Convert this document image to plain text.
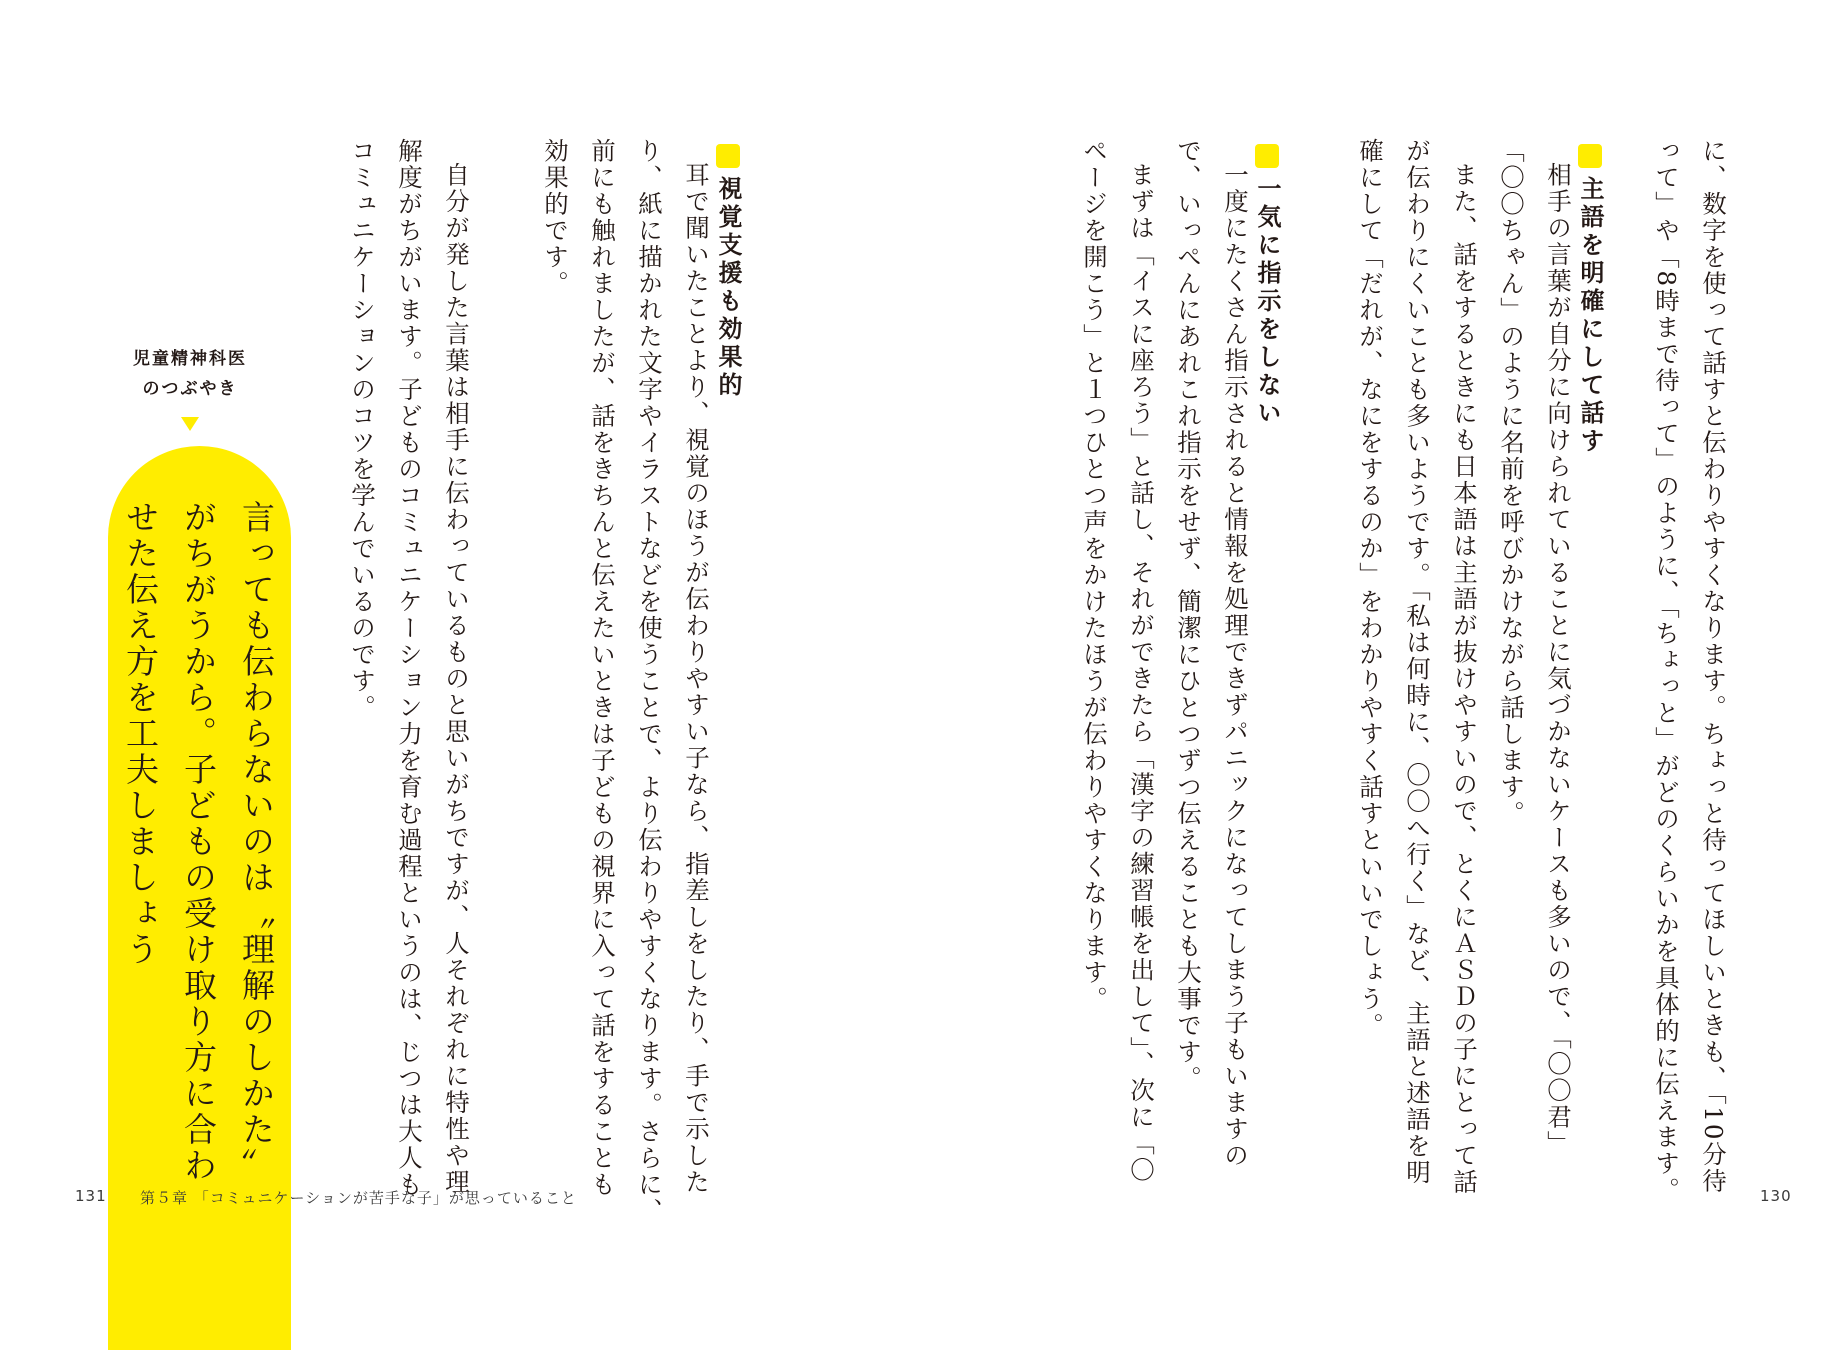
に、数字を使って話すと伝わりやすくなります。ちょっと待ってほしいときも、「10分待
って」や「8時まで待って」のように、「ちょっと」がどのくらいかを具体的に伝えます。
主語を明確にして話す
相手の言葉が自分に向けられていることに気づかないケースも多いので、「〇〇君」
「〇〇ちゃん」のように名前を呼びかけながら話します。
また、話をするときにも日本語は主語が抜けやすいので、とくにＡＳＤの子にとって話
が伝わりにくいことも多いようです。「私は何時に、〇〇へ行く」など、主語と述語を明
確にして「だれが、なにをするのか」をわかりやすく話すといいでしょう。
一気に指示をしない
一度にたくさん指示されると情報を処理できずパニックになってしまう子もいますの
で、いっぺんにあれこれ指示をせず、簡潔にひとつずつ伝えることも大事です。
まずは「イスに座ろう」と話し、それができたら「漢字の練習帳を出して」、次に「〇
ページを開こう」と１つひとつ声をかけたほうが伝わりやすくなります。
130
視覚支援も効果的
耳で聞いたことより、視覚のほうが伝わりやすい子なら、指差しをしたり、手で示した
り、紙に描かれた文字やイラストなどを使うことで、より伝わりやすくなります。さらに、
前にも触れましたが、話をきちんと伝えたいときは子どもの視界に入って話をすることも
効果的です。
自分が発した言葉は相手に伝わっているものと思いがちですが、人それぞれに特性や理
解度がちがいます。子どものコミュニケーション力を育む過程というのは、じつは大人も
コミュニケーションのコツを学んでいるのです。
児童精神科医
のつぶやき
言っても伝わらないのは〝理解のしかた〟
がちがうから。子どもの受け取り方に合わ
せた伝え方を工夫しましょう
131 第５章 「コミュニケーションが苦手な子」が思っていること
